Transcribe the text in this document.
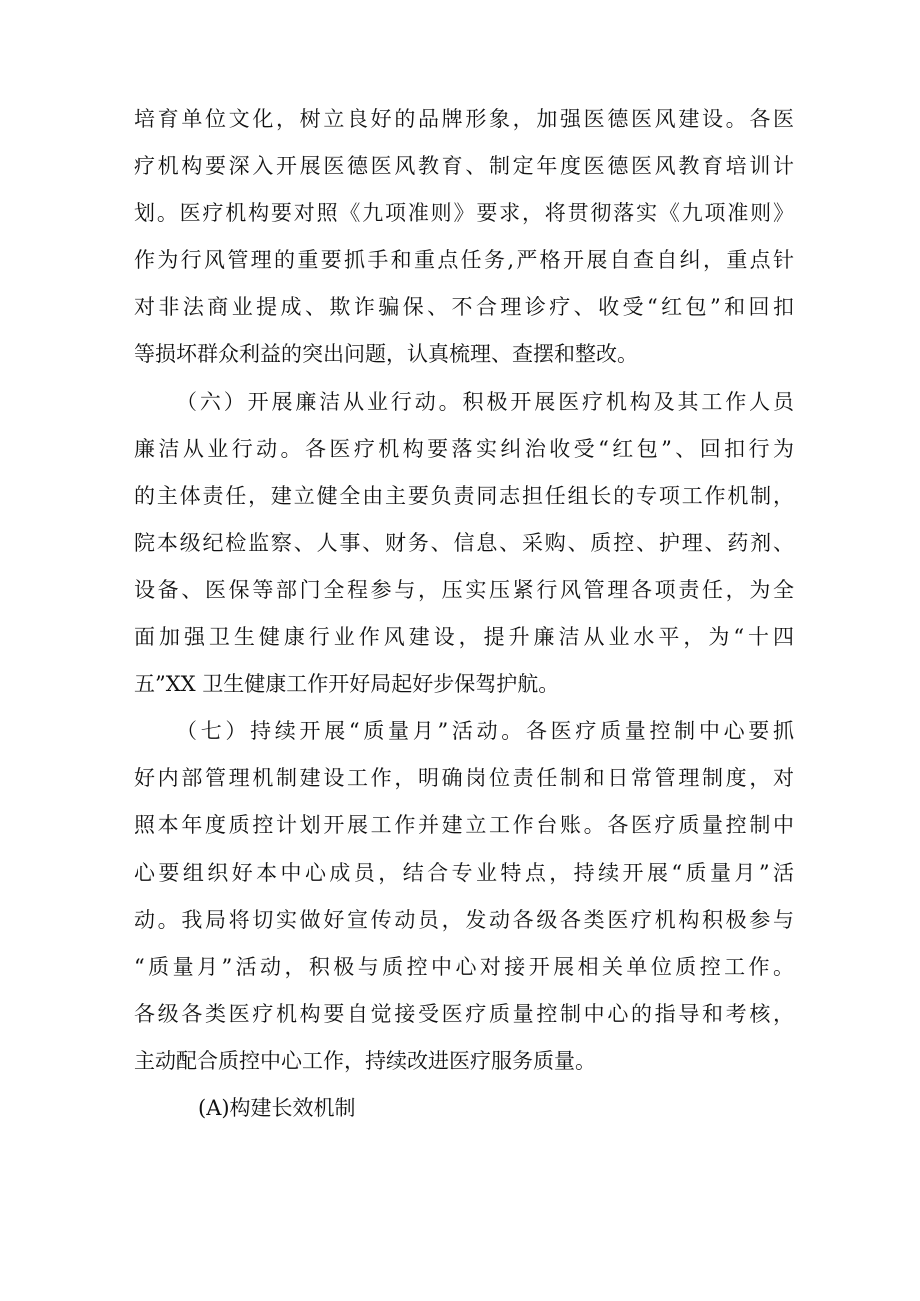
培育单位文化，树立良好的品牌形象，加强医德医风建设。各医
疗机构要深入开展医德医风教育、制定年度医德医风教育培训计
划。医疗机构要对照《九项准则》要求，将贯彻落实《九项准则》
作为行风管理的重要抓手和重点任务,严格开展自查自纠，重点针
对非法商业提成、欺诈骗保、不合理诊疗、收受“红包”和回扣
等损坏群众利益的突出问题，认真梳理、查摆和整改。
（六）开展廉洁从业行动。积极开展医疗机构及其工作人员
廉洁从业行动。各医疗机构要落实纠治收受“红包”、回扣行为
的主体责任，建立健全由主要负责同志担任组长的专项工作机制，
院本级纪检监察、人事、财务、信息、采购、质控、护理、药剂、
设备、医保等部门全程参与，压实压紧行风管理各项责任，为全
面加强卫生健康行业作风建设，提升廉洁从业水平，为“十四
五”XX 卫生健康工作开好局起好步保驾护航。
（七）持续开展“质量月”活动。各医疗质量控制中心要抓
好内部管理机制建设工作，明确岗位责任制和日常管理制度，对
照本年度质控计划开展工作并建立工作台账。各医疗质量控制中
心要组织好本中心成员，结合专业特点，持续开展“质量月”活
动。我局将切实做好宣传动员，发动各级各类医疗机构积极参与
“质量月”活动，积极与质控中心对接开展相关单位质控工作。
各级各类医疗机构要自觉接受医疗质量控制中心的指导和考核，
主动配合质控中心工作，持续改进医疗服务质量。
(A)构建长效机制
